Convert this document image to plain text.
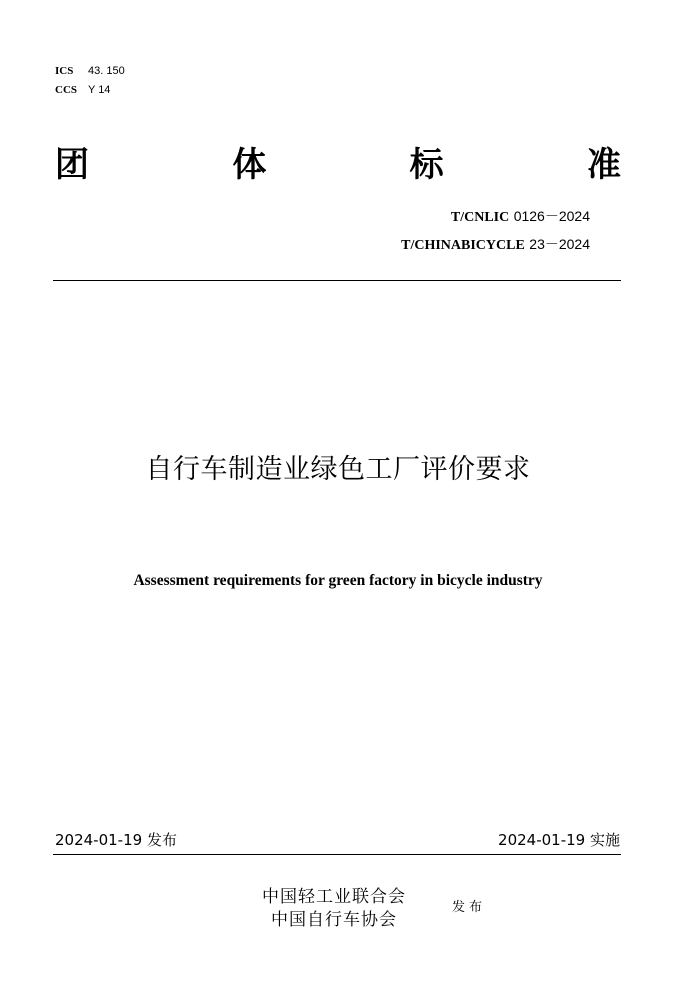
ICS 43. 150
CCS Y 14
团	体	标	准
T/CNLIC 0126－2024
T/CHINABICYCLE 23－2024
自行车制造业绿色工厂评价要求
Assessment requirements for green factory in bicycle industry
2024-01-19 发布	2024-01-19 实施
中国轻工业联合会
中国自行车协会
发布
